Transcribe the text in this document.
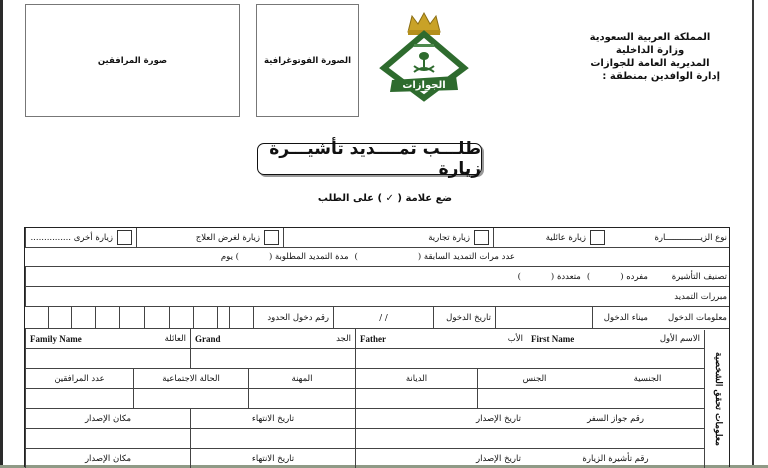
صورة المرافقين	الصورة الفوتوغرافية
الجوازات
المملكة العربية السعودية
وزارة الداخلية
المديرية العامة للجوازات
إدارة الوافدين بمنطقة :
طلـــب تمــــديد تأشيـــرة زيارة
ضع علامة ( ✓ ) على الطلب
نوع الزيــــــــــــــارة
زيارة عائلية
زيارة تجارية
زيارة لغرض العلاج
زيارة أخرى ...............
عدد مرات التمديد السابقة (
)
مدة التمديد المطلوبة (
) يوم
تصنيف التأشيرة
مفرده (
)
متعددة (
)
مبررات التمديد
معلومات الدخول
ميناء الدخول
تاريخ الدخول
/ /
رقم دخول الحدود
معلومات تحقق الشخصية
الاسم الأول
First Name
الأب
Father
الجد
Grand
العائلة
Family Name
الجنسية
الجنس
الديانة
المهنة
الحالة الاجتماعية
عدد المرافقين
رقم جواز السفر
تاريخ الإصدار
تاريخ الانتهاء
مكان الإصدار
رقم تأشيرة الزيارة
تاريخ الإصدار
تاريخ الانتهاء
مكان الإصدار
